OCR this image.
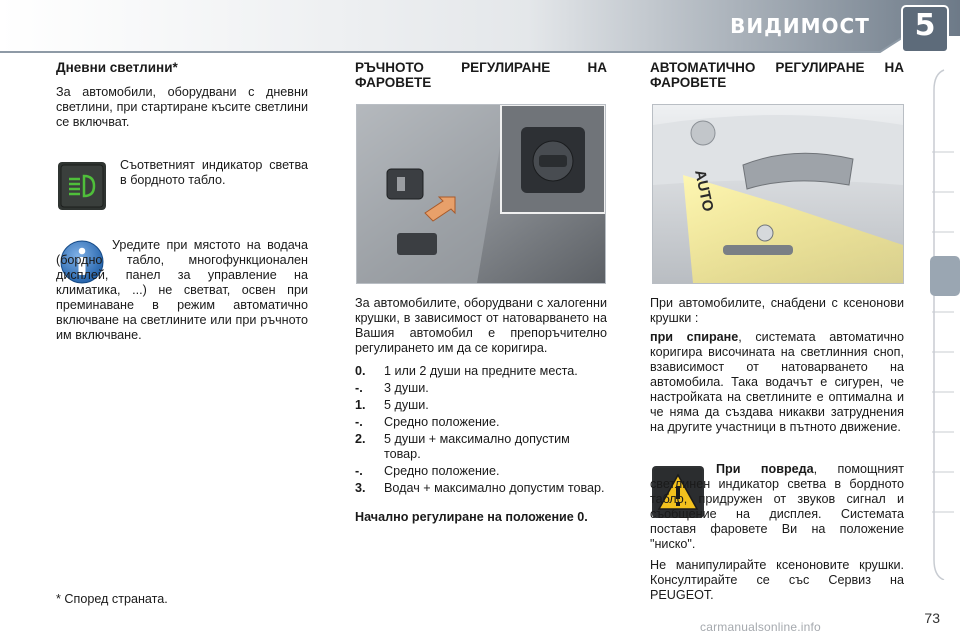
ВИДИМОСТ	5

Дневни светлини*

За автомобили, оборудвани с дневни светлини, при стартиране късите светлини се включват.

Съответният индикатор светва в бордното табло.

Уредите при мястото на водача (бордно табло, многофункционален дисплей, панел за управление на климатика, ...) не светват, освен при преминаване в режим автоматично включване на светлините или при ръчното им включване.

* Според страната.

РЪЧНОТО РЕГУЛИРАНЕ НА ФАРОВЕТЕ

За автомобилите, оборудвани с халогенни крушки, в зависимост от натоварването на Вашия автомобил е препоръчително регулирането им да се коригира.

0.	1 или 2 души на предните места.
-.	3 души.
1.	5 души.
-.	Средно положение.
2.	5 души + максимално допустим товар.
-.	Средно положение.
3.	Водач + максимално допустим товар.

Начално регулиране на положение 0.

АВТОМАТИЧНО РЕГУЛИРАНЕ НА ФАРОВЕТЕ

AUTO

При автомобилите, снабдени с ксенонови крушки :

при спиране, системата автоматично коригира височината на светлинния сноп, взависимост от натоварването на автомобила. Така водачът е сигурен, че настройката на светлините е оптимална и че няма да създава никакви затруднения на другите участници в пътното движение.

При повреда, помощният светлинен индикатор светва в бордното табло, придружен от звуков сигнал и съобщение на дисплея. Системата поставя фаровете Ви на положение "ниско".

Не манипулирайте ксеноновите крушки. Консултирайте се със Сервиз на PEUGEOT.

73
carmanualsonline.info
